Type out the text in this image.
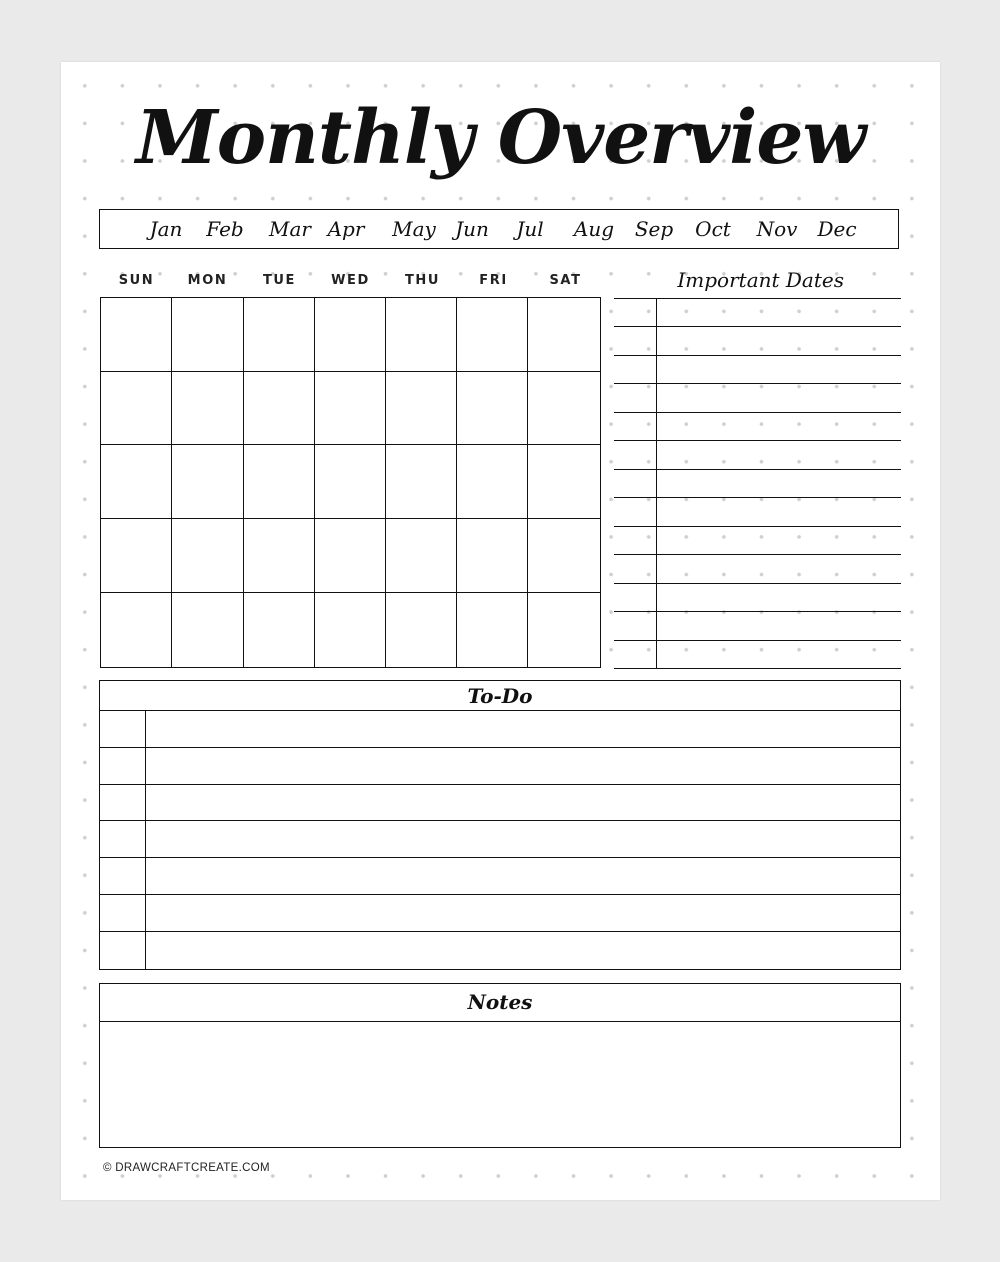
Monthly Overview
Jan	Feb	Mar Apr	May Jun	Jul	Aug	Sep	Oct	Nov	Dec
SUN	MON	TUE	WED	THU	FRI	SAT	Important Dates
To-Do
Notes
© DRAWCRAFTCREATE.COM
